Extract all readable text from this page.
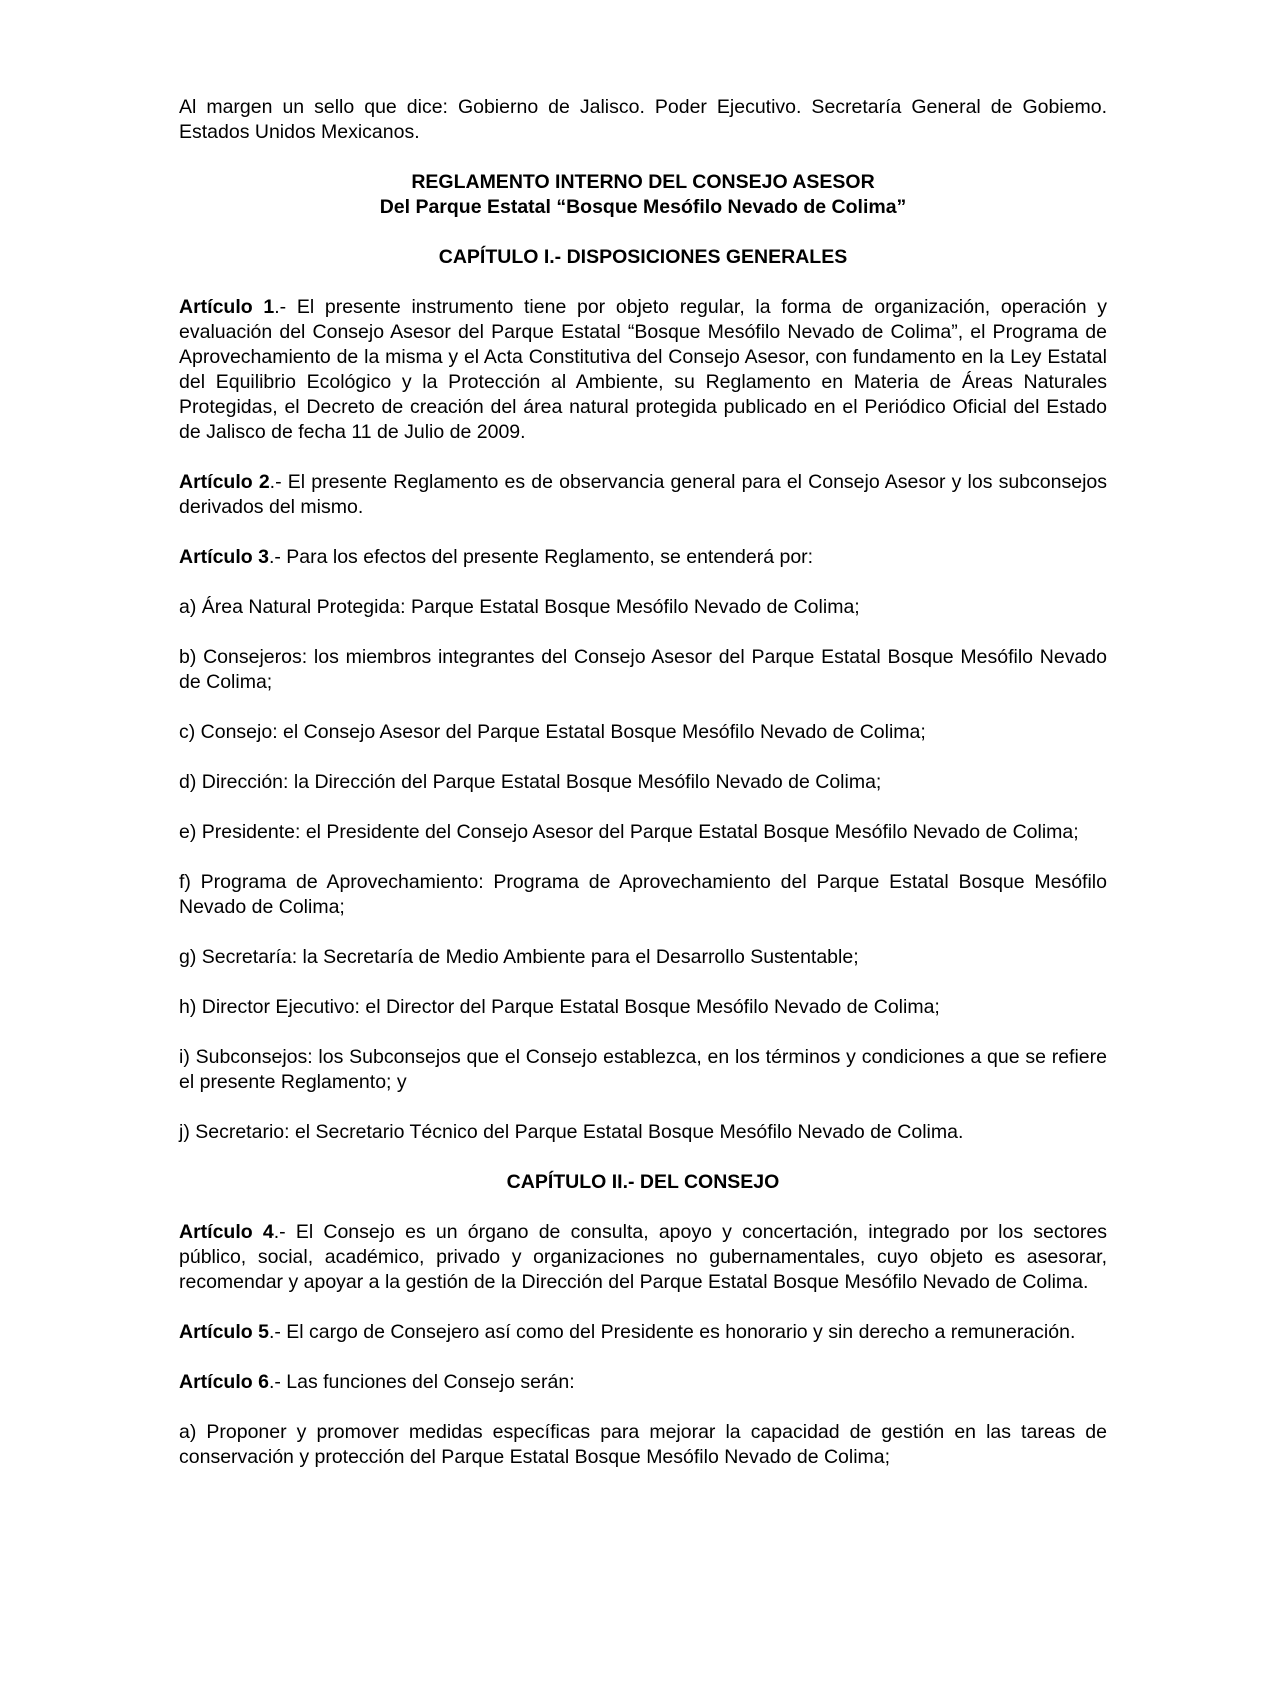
Al margen un sello que dice: Gobierno de Jalisco. Poder Ejecutivo. Secretaría General de Gobiemo. Estados Unidos Mexicanos.

REGLAMENTO INTERNO DEL CONSEJO ASESOR
Del Parque Estatal “Bosque Mesófilo Nevado de Colima”
CAPÍTULO I.- DISPOSICIONES GENERALES

Artículo 1.- El presente instrumento tiene por objeto regular, la forma de organización, operación y evaluación del Consejo Asesor del Parque Estatal “Bosque Mesófilo Nevado de Colima”, el Programa de Aprovechamiento de la misma y el Acta Constitutiva del Consejo Asesor, con fundamento en la Ley Estatal del Equilibrio Ecológico y la Protección al Ambiente, su Reglamento en Materia de Áreas Naturales Protegidas, el Decreto de creación del área natural protegida publicado en el Periódico Oficial del Estado de Jalisco de fecha 11 de Julio de 2009.

Artículo 2.- El presente Reglamento es de observancia general para el Consejo Asesor y los subconsejos derivados del mismo.

Artículo 3.- Para los efectos del presente Reglamento, se entenderá por:

a) Área Natural Protegida: Parque Estatal Bosque Mesófilo Nevado de Colima;

b) Consejeros: los miembros integrantes del Consejo Asesor del Parque Estatal Bosque Mesófilo Nevado de Colima;

c) Consejo: el Consejo Asesor del Parque Estatal Bosque Mesófilo Nevado de Colima;

d) Dirección: la Dirección del Parque Estatal Bosque Mesófilo Nevado de Colima;

e) Presidente: el Presidente del Consejo Asesor del Parque Estatal Bosque Mesófilo Nevado de Colima;

f) Programa de Aprovechamiento: Programa de Aprovechamiento del Parque Estatal Bosque Mesófilo Nevado de Colima;

g) Secretaría: la Secretaría de Medio Ambiente para el Desarrollo Sustentable;

h) Director Ejecutivo: el Director del Parque Estatal Bosque Mesófilo Nevado de Colima;

i) Subconsejos: los Subconsejos que el Consejo establezca, en los términos y condiciones a que se refiere el presente Reglamento; y

j) Secretario: el Secretario Técnico del Parque Estatal Bosque Mesófilo Nevado de Colima.

CAPÍTULO II.- DEL CONSEJO

Artículo 4.- El Consejo es un órgano de consulta, apoyo y concertación, integrado por los sectores público, social, académico, privado y organizaciones no gubernamentales, cuyo objeto es asesorar, recomendar y apoyar a la gestión de la Dirección del Parque Estatal Bosque Mesófilo Nevado de Colima.

Artículo 5.- El cargo de Consejero así como del Presidente es honorario y sin derecho a remuneración.

Artículo 6.- Las funciones del Consejo serán:

a) Proponer y promover medidas específicas para mejorar la capacidad de gestión en las tareas de conservación y protección del Parque Estatal Bosque Mesófilo Nevado de Colima;
